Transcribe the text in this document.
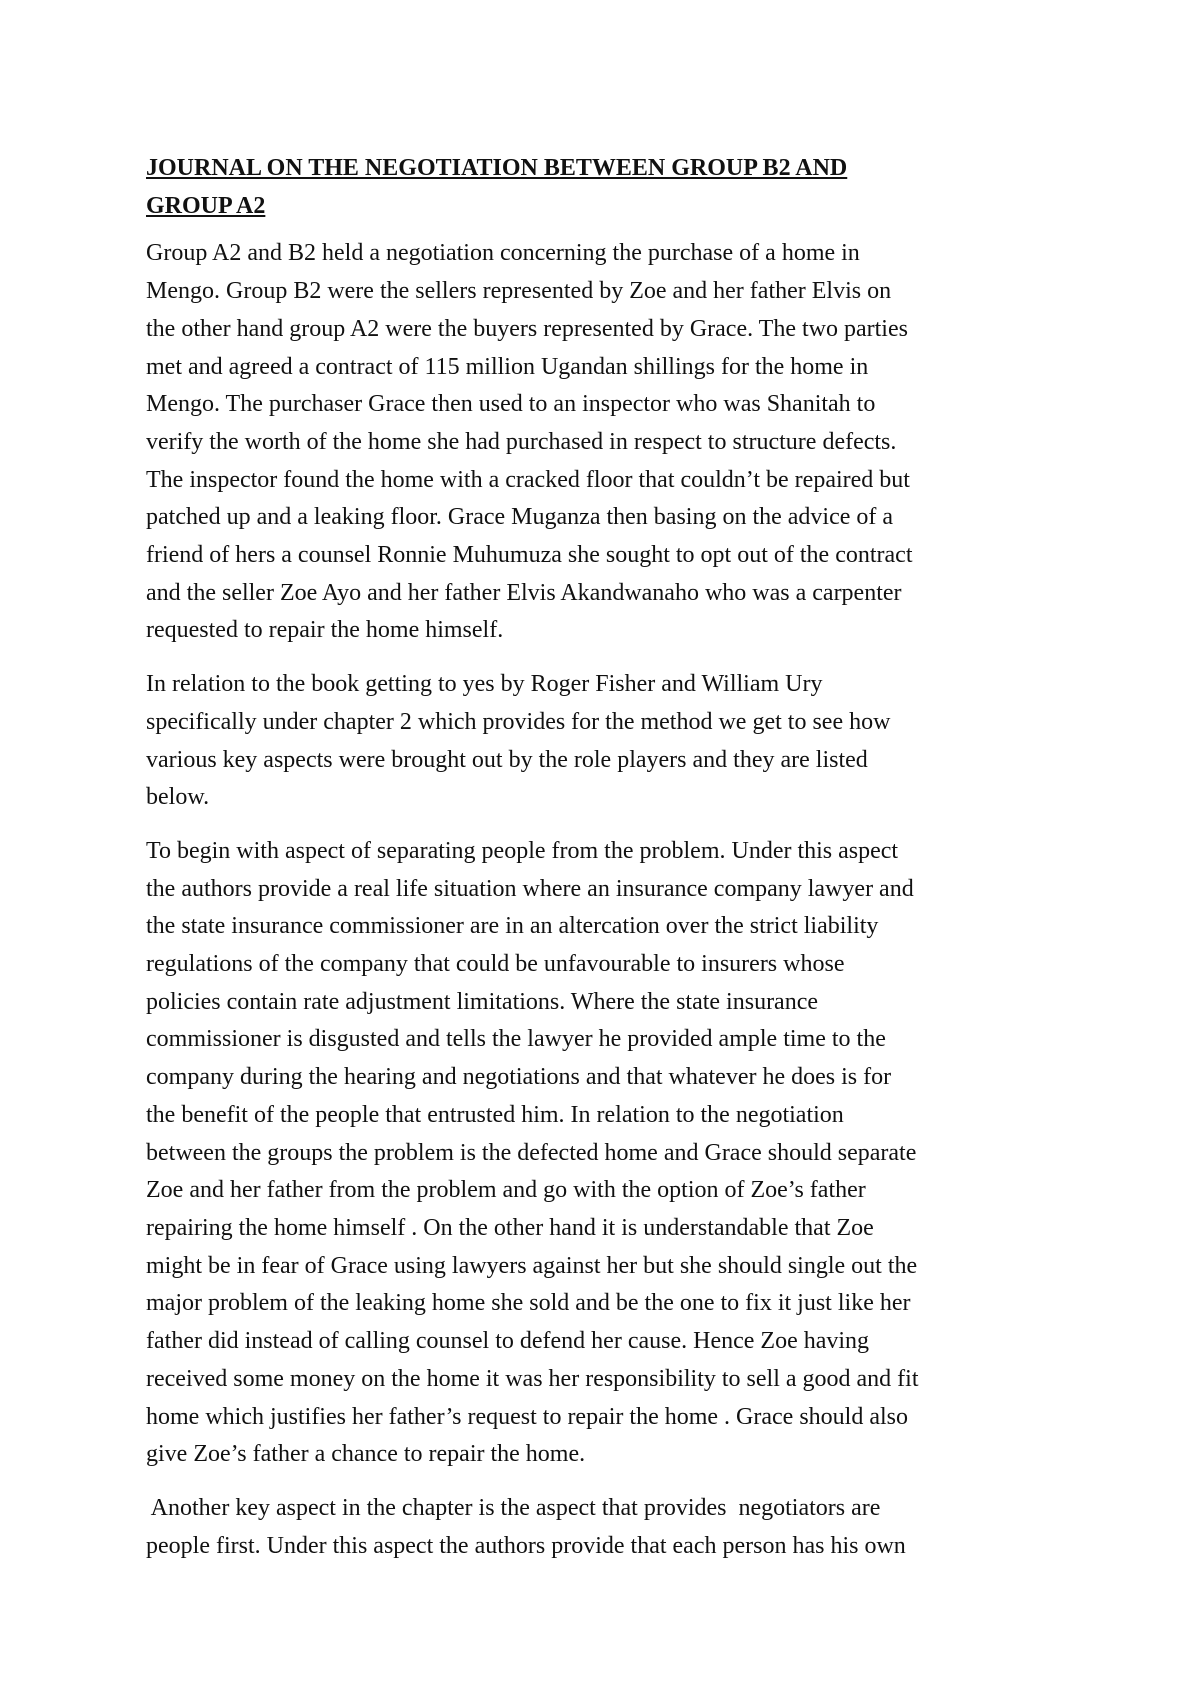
JOURNAL ON THE NEGOTIATION BETWEEN GROUP B2 AND
GROUP A2
Group A2 and B2 held a negotiation concerning the purchase of a home in
Mengo. Group B2 were the sellers represented by Zoe and her father Elvis on
the other hand group A2 were the buyers represented by Grace. The two parties
met and agreed a contract of 115 million Ugandan shillings for the home in
Mengo. The purchaser Grace then used to an inspector who was Shanitah to
verify the worth of the home she had purchased in respect to structure defects.
The inspector found the home with a cracked floor that couldn’t be repaired but
patched up and a leaking floor. Grace Muganza then basing on the advice of a
friend of hers a counsel Ronnie Muhumuza she sought to opt out of the contract
and the seller Zoe Ayo and her father Elvis Akandwanaho who was a carpenter
requested to repair the home himself.
In relation to the book getting to yes by Roger Fisher and William Ury
specifically under chapter 2 which provides for the method we get to see how
various key aspects were brought out by the role players and they are listed
below.
To begin with aspect of separating people from the problem. Under this aspect
the authors provide a real life situation where an insurance company lawyer and
the state insurance commissioner are in an altercation over the strict liability
regulations of the company that could be unfavourable to insurers whose
policies contain rate adjustment limitations. Where the state insurance
commissioner is disgusted and tells the lawyer he provided ample time to the
company during the hearing and negotiations and that whatever he does is for
the benefit of the people that entrusted him. In relation to the negotiation
between the groups the problem is the defected home and Grace should separate
Zoe and her father from the problem and go with the option of Zoe’s father
repairing the home himself . On the other hand it is understandable that Zoe
might be in fear of Grace using lawyers against her but she should single out the
major problem of the leaking home she sold and be the one to fix it just like her
father did instead of calling counsel to defend her cause. Hence Zoe having
received some money on the home it was her responsibility to sell a good and fit
home which justifies her father’s request to repair the home . Grace should also
give Zoe’s father a chance to repair the home.
Another key aspect in the chapter is the aspect that provides  negotiators are
people first. Under this aspect the authors provide that each person has his own
